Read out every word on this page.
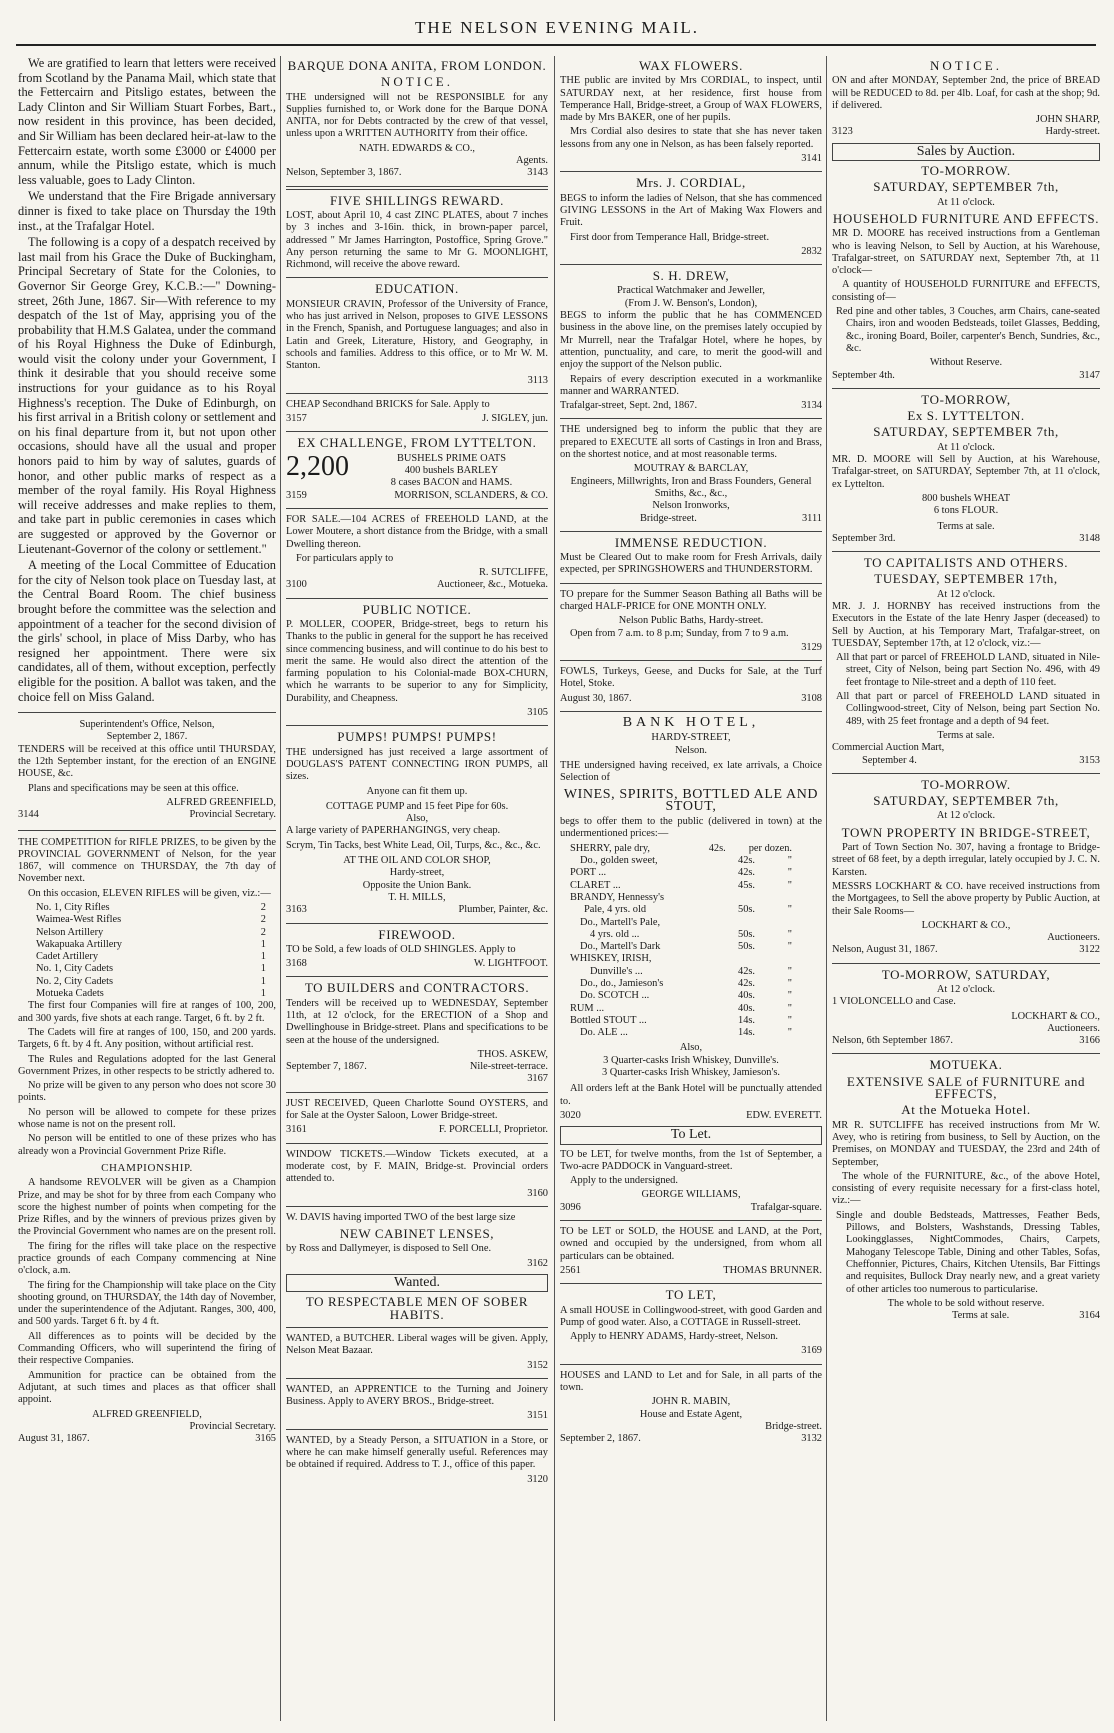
THE NELSON EVENING MAIL.

We are gratified to learn that letters were received from Scotland by the Panama Mail, which state that the Fettercairn and Pitsligo estates, between the Lady Clinton and Sir William Stuart Forbes, Bart., now resident in this province, has been decided, and Sir William has been declared heir-at-law to the Fettercairn estate, worth some £3000 or £4000 per annum, while the Pitsligo estate, which is much less valuable, goes to Lady Clinton.

We understand that the Fire Brigade anniversary dinner is fixed to take place on Thursday the 19th inst., at the Trafalgar Hotel.

The following is a copy of a despatch received by last mail from his Grace the Duke of Buckingham, Principal Secretary of State for the Colonies, to Governor Sir George Grey, K.C.B.:—" Downing-street, 26th June, 1867. Sir—With reference to my despatch of the 1st of May, apprising you of the probability that H.M.S Galatea, under the command of his Royal Highness the Duke of Edinburgh, would visit the colony under your Government, I think it desirable that you should receive some instructions for your guidance as to his Royal Highness's reception. The Duke of Edinburgh, on his first arrival in a British colony or settlement and on his final departure from it, but not upon other occasions, should have all the usual and proper honors paid to him by way of salutes, guards of honor, and other public marks of respect as a member of the royal family. His Royal Highness will receive addresses and make replies to them, and take part in public ceremonies in cases which are suggested or approved by the Governor or Lieutenant-Governor of the colony or settlement."

A meeting of the Local Committee of Education for the city of Nelson took place on Tuesday last, at the Central Board Room. The chief business brought before the committee was the selection and appointment of a teacher for the second division of the girls' school, in place of Miss Darby, who has resigned her appointment. There were six candidates, all of them, without exception, perfectly eligible for the position. A ballot was taken, and the choice fell on Miss Galand.

Superintendent's Office, Nelson,
September 2, 1867.

TENDERS will be received at this office until THURSDAY, the 12th September instant, for the erection of an ENGINE HOUSE, &c.

Plans and specifications may be seen at this office.

ALFRED GREENFIELD,
3144	Provincial Secretary.

THE COMPETITION for RIFLE PRIZES, to be given by the PROVINCIAL GOVERNMENT of Nelson, for the year 1867, will commence on THURSDAY, the 7th day of November next.

On this occasion, ELEVEN RIFLES will be given, viz.:—

No. 1, City Rifles	2
Waimea-West Rifles	2
Nelson Artillery	2
Wakapuaka Artillery	1
Cadet Artillery	1
No. 1, City Cadets	1
No. 2, City Cadets	1
Motueka Cadets	1

The first four Companies will fire at ranges of 100, 200, and 300 yards, five shots at each range. Target, 6 ft. by 2 ft.

The Cadets will fire at ranges of 100, 150, and 200 yards. Targets, 6 ft. by 4 ft. Any position, without artificial rest.

The Rules and Regulations adopted for the last General Government Prizes, in other respects to be strictly adhered to.

No prize will be given to any person who does not score 30 points.

No person will be allowed to compete for these prizes whose name is not on the present roll.

No person will be entitled to one of these prizes who has already won a Provincial Government Prize Rifle.

CHAMPIONSHIP.

A handsome REVOLVER will be given as a Champion Prize, and may be shot for by three from each Company who score the highest number of points when competing for the Prize Rifles, and by the winners of previous prizes given by the Provincial Government who names are on the present roll.

The firing for the rifles will take place on the respective practice grounds of each Company commencing at Nine o'clock, a.m.

The firing for the Championship will take place on the City shooting ground, on THURSDAY, the 14th day of November, under the superintendence of the Adjutant. Ranges, 300, 400, and 500 yards. Target 6 ft. by 4 ft.

All differences as to points will be decided by the Commanding Officers, who will superintend the firing of their respective Companies.

Ammunition for practice can be obtained from the Adjutant, at such times and places as that officer shall appoint.

ALFRED GREENFIELD,
Provincial Secretary.
August 31, 1867.	3165
BARQUE DONA ANITA, FROM LONDON.
NOTICE.

THE undersigned will not be RESPONSIBLE for any Supplies furnished to, or Work done for the Barque DONA ANITA, nor for Debts contracted by the crew of that vessel, unless upon a WRITTEN AUTHORITY from their office.

NATH. EDWARDS & CO.,
Agents.
Nelson, September 3, 1867.	3143
FIVE SHILLINGS REWARD.

LOST, about April 10, 4 cast ZINC PLATES, about 7 inches by 3 inches and 3-16in. thick, in brown-paper parcel, addressed " Mr James Harrington, Postoffice, Spring Grove." Any person returning the same to Mr G. MOONLIGHT, Richmond, will receive the above reward.

EDUCATION.

MONSIEUR CRAVIN, Professor of the University of France, who has just arrived in Nelson, proposes to GIVE LESSONS in the French, Spanish, and Portuguese languages; and also in Latin and Greek, Literature, History, and Geography, in schools and families. Address to this office, or to Mr W. M. Stanton.

3113

CHEAP Secondhand BRICKS for Sale. Apply to

3157	J. SIGLEY, jun.
EX CHALLENGE, FROM LYTTELTON.
2,200	BUSHELS PRIME OATS
400 bushels BARLEY
8 cases BACON and HAMS.
3159	MORRISON, SCLANDERS, & CO.

FOR SALE.—104 ACRES of FREEHOLD LAND, at the Lower Moutere, a short distance from the Bridge, with a small Dwelling thereon.

For particulars apply to

R. SUTCLIFFE,
3100	Auctioneer, &c., Motueka.
PUBLIC NOTICE.

P. MOLLER, COOPER, Bridge-street, begs to return his Thanks to the public in general for the support he has received since commencing business, and will continue to do his best to merit the same. He would also direct the attention of the farming population to his Colonial-made BOX-CHURN, which he warrants to be superior to any for Simplicity, Durability, and Cheapness.

3105
PUMPS! PUMPS! PUMPS!

THE undersigned has just received a large assortment of DOUGLAS'S PATENT CONNECTING IRON PUMPS, all sizes.

Anyone can fit them up.
COTTAGE PUMP and 15 feet Pipe for 60s.
Also,

A large variety of PAPERHANGINGS, very cheap.

Scrym, Tin Tacks, best White Lead, Oil, Turps, &c., &c., &c.

AT THE OIL AND COLOR SHOP,
Hardy-street,
Opposite the Union Bank.
T. H. MILLS,
3163	Plumber, Painter, &c.
FIREWOOD.

TO be Sold, a few loads of OLD SHINGLES. Apply to

3168	W. LIGHTFOOT.
TO BUILDERS and CONTRACTORS.

Tenders will be received up to WEDNESDAY, September 11th, at 12 o'clock, for the ERECTION of a Shop and Dwellinghouse in Bridge-street. Plans and specifications to be seen at the house of the undersigned.

THOS. ASKEW,
September 7, 1867.	Nile-street-terrace.
3167

JUST RECEIVED, Queen Charlotte Sound OYSTERS, and for Sale at the Oyster Saloon, Lower Bridge-street.

3161	F. PORCELLI, Proprietor.

WINDOW TICKETS.—Window Tickets executed, at a moderate cost, by F. MAIN, Bridge-st. Provincial orders attended to.

3160

W. DAVIS having imported TWO of the best large size

NEW CABINET LENSES,

by Ross and Dallymeyer, is disposed to Sell One.

3162
Wanted.
TO RESPECTABLE MEN OF SOBER HABITS.

WANTED, a BUTCHER. Liberal wages will be given. Apply, Nelson Meat Bazaar.

3152

WANTED, an APPRENTICE to the Turning and Joinery Business. Apply to AVERY BROS., Bridge-street.

3151

WANTED, by a Steady Person, a SITUATION in a Store, or where he can make himself generally useful. References may be obtained if required. Address to T. J., office of this paper.

3120
WAX FLOWERS.

THE public are invited by Mrs CORDIAL, to inspect, until SATURDAY next, at her residence, first house from Temperance Hall, Bridge-street, a Group of WAX FLOWERS, made by Mrs BAKER, one of her pupils.

Mrs Cordial also desires to state that she has never taken lessons from any one in Nelson, as has been falsely reported.

3141
Mrs. J. CORDIAL,

BEGS to inform the ladies of Nelson, that she has commenced GIVING LESSONS in the Art of Making Wax Flowers and Fruit.

First door from Temperance Hall, Bridge-street.

2832
S. H. DREW,
Practical Watchmaker and Jeweller,
(From J. W. Benson's, London),

BEGS to inform the public that he has COMMENCED business in the above line, on the premises lately occupied by Mr Murrell, near the Trafalgar Hotel, where he hopes, by attention, punctuality, and care, to merit the good-will and enjoy the support of the Nelson public.

Repairs of every description executed in a workmanlike manner and WARRANTED.

Trafalgar-street, Sept. 2nd, 1867.	3134

THE undersigned beg to inform the public that they are prepared to EXECUTE all sorts of Castings in Iron and Brass, on the shortest notice, and at most reasonable terms.

MOUTRAY & BARCLAY,
Engineers, Millwrights, Iron and Brass Founders, General Smiths, &c., &c.,
Nelson Ironworks,
Bridge-street.	3111
IMMENSE REDUCTION.

Must be Cleared Out to make room for Fresh Arrivals, daily expected, per SPRINGSHOWERS and THUNDERSTORM.

TO prepare for the Summer Season Bathing all Baths will be charged HALF-PRICE for ONE MONTH ONLY.

Nelson Public Baths, Hardy-street.

Open from 7 a.m. to 8 p.m; Sunday, from 7 to 9 a.m.

3129

FOWLS, Turkeys, Geese, and Ducks for Sale, at the Turf Hotel, Stoke.

August 30, 1867.	3108
BANK HOTEL,
HARDY-STREET,
Nelson.

THE undersigned having received, ex late arrivals, a Choice Selection of

WINES, SPIRITS, BOTTLED ALE AND STOUT,

begs to offer them to the public (delivered in town) at the undermentioned prices:—

SHERRY, pale dry,	42s.	per dozen.
Do., golden sweet,	42s.	"
PORT ...	42s.	"
CLARET ...	45s.	"
BRANDY, Hennessy's
Pale, 4 yrs. old	50s.	"
Do., Martell's Pale,
4 yrs. old ...	50s.	"
Do., Martell's Dark	50s.	"
WHISKEY, IRISH,
Dunville's ...	42s.	"
Do., do., Jamieson's	42s.	"
Do. SCOTCH ...	40s.	"
RUM ...	40s.	"
Bottled STOUT ...	14s.	"
Do. ALE ...	14s.	"
Also,
3 Quarter-casks Irish Whiskey, Dunville's.
3 Quarter-casks Irish Whiskey, Jamieson's.

All orders left at the Bank Hotel will be punctually attended to.

3020	EDW. EVERETT.
To Let.

TO be LET, for twelve months, from the 1st of September, a Two-acre PADDOCK in Vanguard-street.

Apply to the undersigned.

GEORGE WILLIAMS,
3096	Trafalgar-square.

TO be LET or SOLD, the HOUSE and LAND, at the Port, owned and occupied by the undersigned, from whom all particulars can be obtained.

2561	THOMAS BRUNNER.
TO LET,

A small HOUSE in Collingwood-street, with good Garden and Pump of good water. Also, a COTTAGE in Russell-street.

Apply to HENRY ADAMS, Hardy-street, Nelson.

3169

HOUSES and LAND to Let and for Sale, in all parts of the town.

JOHN R. MABIN,
House and Estate Agent,
Bridge-street.
September 2, 1867.	3132
NOTICE.

ON and after MONDAY, September 2nd, the price of BREAD will be REDUCED to 8d. per 4lb. Loaf, for cash at the shop; 9d. if delivered.

JOHN SHARP,
3123	Hardy-street.
Sales by Auction.
TO-MORROW.
SATURDAY, SEPTEMBER 7th,
At 11 o'clock.
HOUSEHOLD FURNITURE AND EFFECTS.

MR D. MOORE has received instructions from a Gentleman who is leaving Nelson, to Sell by Auction, at his Warehouse, Trafalgar-street, on SATURDAY next, September 7th, at 11 o'clock—

A quantity of HOUSEHOLD FURNITURE and EFFECTS, consisting of—

Red pine and other tables, 3 Couches, arm Chairs, cane-seated Chairs, iron and wooden Bedsteads, toilet Glasses, Bedding, &c., ironing Board, Boiler, carpenter's Bench, Sundries, &c., &c.

Without Reserve.
September 4th.	3147
TO-MORROW,
Ex S. LYTTELTON.
SATURDAY, SEPTEMBER 7th,
At 11 o'clock.

MR. D. MOORE will Sell by Auction, at his Warehouse, Trafalgar-street, on SATURDAY, September 7th, at 11 o'clock, ex Lyttelton.

800 bushels WHEAT
6 tons FLOUR.
Terms at sale.
September 3rd.	3148
TO CAPITALISTS AND OTHERS.
TUESDAY, SEPTEMBER 17th,
At 12 o'clock.

MR. J. J. HORNBY has received instructions from the Executors in the Estate of the late Henry Jasper (deceased) to Sell by Auction, at his Temporary Mart, Trafalgar-street, on TUESDAY, September 17th, at 12 o'clock, viz.:—

All that part or parcel of FREEHOLD LAND, situated in Nile-street, City of Nelson, being part Section No. 496, with 49 feet frontage to Nile-street and a depth of 110 feet.

All that part or parcel of FREEHOLD LAND situated in Collingwood-street, City of Nelson, being part Section No. 489, with 25 feet frontage and a depth of 94 feet.

Terms at sale.
Commercial Auction Mart,
September 4.	3153
TO-MORROW.
SATURDAY, SEPTEMBER 7th,
At 12 o'clock.
TOWN PROPERTY IN BRIDGE-STREET,

Part of Town Section No. 307, having a frontage to Bridge-street of 68 feet, by a depth irregular, lately occupied by J. C. N. Karsten.

MESSRS LOCKHART & CO. have received instructions from the Mortgagees, to Sell the above property by Public Auction, at their Sale Rooms—

LOCKHART & CO.,
Auctioneers.
Nelson, August 31, 1867.	3122
TO-MORROW, SATURDAY,
At 12 o'clock.

1 VIOLONCELLO and Case.

LOCKHART & CO.,
Auctioneers.
Nelson, 6th September 1867.	3166
MOTUEKA.
EXTENSIVE SALE of FURNITURE and EFFECTS,
At the Motueka Hotel.

MR R. SUTCLIFFE has received instructions from Mr W. Avey, who is retiring from business, to Sell by Auction, on the Premises, on MONDAY and TUESDAY, the 23rd and 24th of September,

The whole of the FURNITURE, &c., of the above Hotel, consisting of every requisite necessary for a first-class hotel, viz.:—

Single and double Bedsteads, Mattresses, Feather Beds, Pillows, and Bolsters, Washstands, Dressing Tables, Lookingglasses, NightCommodes, Chairs, Carpets, Mahogany Telescope Table, Dining and other Tables, Sofas, Cheffonnier, Pictures, Chairs, Kitchen Utensils, Bar Fittings and requisites, Bullock Dray nearly new, and a great variety of other articles too numerous to particularise.

The whole to be sold without reserve.
Terms at sale.	3164
